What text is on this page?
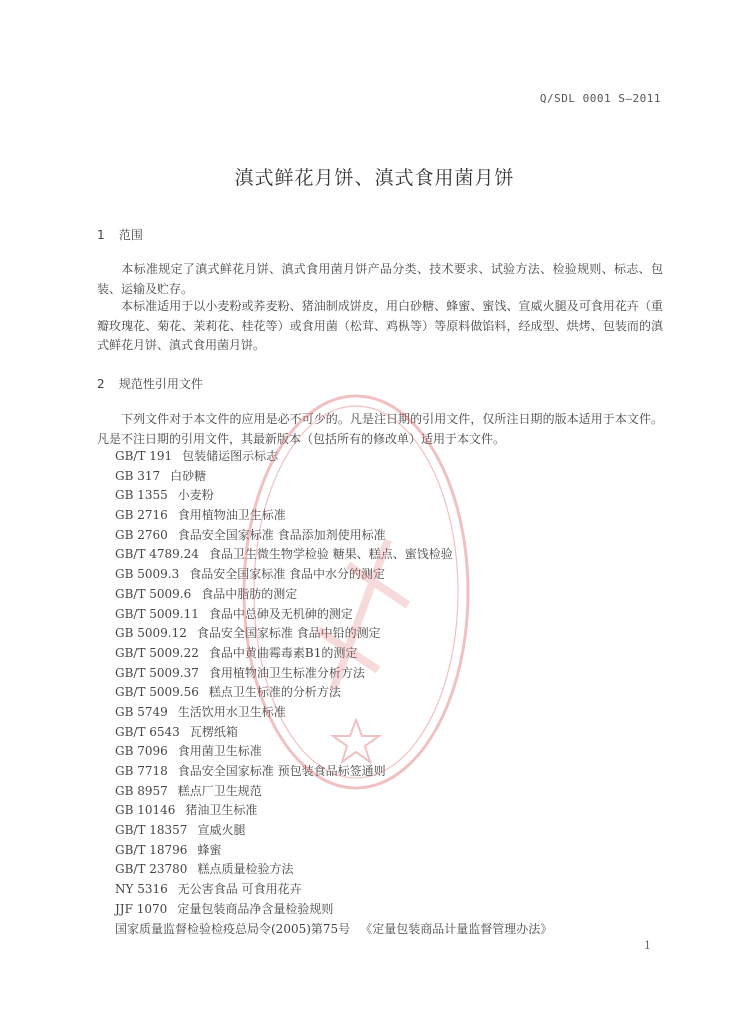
Q/SDL 0001 S—2011
滇式鲜花月饼、滇式食用菌月饼
1 范围
本标准规定了滇式鲜花月饼、滇式食用菌月饼产品分类、技术要求、试验方法、检验规则、标志、包装、运输及贮存。
本标准适用于以小麦粉或荞麦粉、猪油制成饼皮，用白砂糖、蜂蜜、蜜饯、宣威火腿及可食用花卉（重瓣玫瑰花、菊花、茉莉花、桂花等）或食用菌（松茸、鸡枞等）等原料做馅料，经成型、烘烤、包装而的滇式鲜花月饼、滇式食用菌月饼。
2 规范性引用文件
下列文件对于本文件的应用是必不可少的。凡是注日期的引用文件，仅所注日期的版本适用于本文件。凡是不注日期的引用文件，其最新版本（包括所有的修改单）适用于本文件。
GB/T 191 包装储运图示标志
GB 317 白砂糖
GB 1355 小麦粉
GB 2716 食用植物油卫生标准
GB 2760 食品安全国家标准 食品添加剂使用标准
GB/T 4789.24 食品卫生微生物学检验 糖果、糕点、蜜饯检验
GB 5009.3 食品安全国家标准 食品中水分的测定
GB/T 5009.6 食品中脂肪的测定
GB/T 5009.11 食品中总砷及无机砷的测定
GB 5009.12 食品安全国家标准 食品中铅的测定
GB/T 5009.22 食品中黄曲霉毒素B1的测定
GB/T 5009.37 食用植物油卫生标准分析方法
GB/T 5009.56 糕点卫生标准的分析方法
GB 5749 生活饮用水卫生标准
GB/T 6543 瓦楞纸箱
GB 7096 食用菌卫生标准
GB 7718 食品安全国家标准 预包装食品标签通则
GB 8957 糕点厂卫生规范
GB 10146 猪油卫生标准
GB/T 18357 宣威火腿
GB/T 18796 蜂蜜
GB/T 23780 糕点质量检验方法
NY 5316 无公害食品 可食用花卉
JJF 1070 定量包装商品净含量检验规则
国家质量监督检验检疫总局令(2005)第75号 《定量包装商品计量监督管理办法》
1
